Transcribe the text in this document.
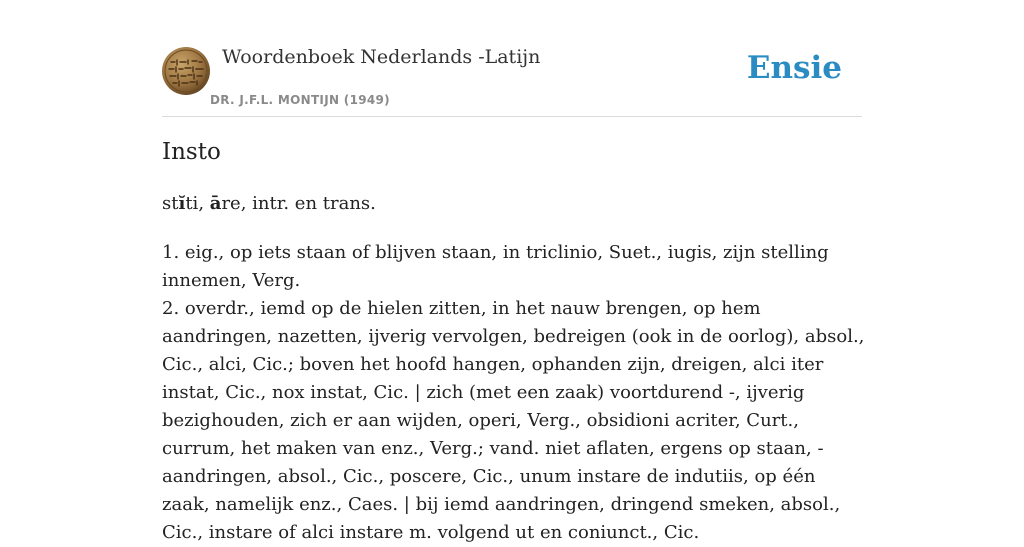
Woordenboek Nederlands -Latijn
DR. J.F.L. MONTIJN (1949)
Ensie
Insto
stĭti, āre, intr. en trans.

1. eig., op iets staan of blijven staan, in triclinio, Suet., iugis, zijn stelling innemen, Verg.

2. overdr., iemd op de hielen zitten, in het nauw brengen, op hem aandringen, nazetten, ijverig vervolgen, bedreigen (ook in de oorlog), absol., Cic., alci, Cic.; boven het hoofd hangen, ophanden zijn, dreigen, alci iter instat, Cic., nox instat, Cic. | zich (met een zaak) voortdurend -, ijverig bezighouden, zich er aan wijden, operi, Verg., obsidioni acriter, Curt., currum, het maken van enz., Verg.; vand. niet aflaten, ergens op staan, - aandringen, absol., Cic., poscere, Cic., unum instare de indutiis, op één zaak, namelijk enz., Caes. | bij iemd aandringen, dringend smeken, absol., Cic., instare of alci instare m. volgend ut en coniunct., Cic.
